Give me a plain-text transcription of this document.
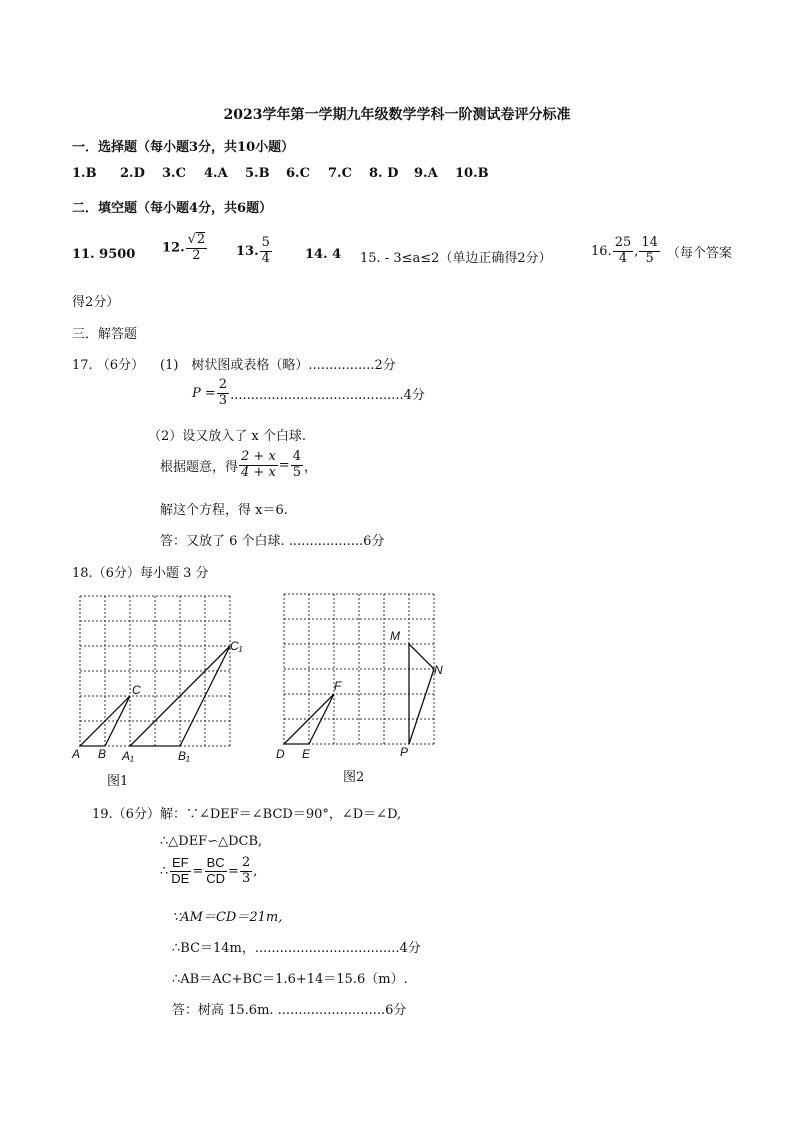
2023学年第一学期九年级数学学科一阶测试卷评分标准
一．选择题（每小题3分，共10小题）
1.B 2.D 3.C 4.A 5.B 6.C 7.C 8. D 9.A 10.B
二．填空题（每小题4分，共6题）
11. 9500 12. $\frac{√2}{2} 13$. $\frac{5}{4}$	14. 4 15. - 3≤a≤2（单边正确得2分）	16. $\frac{25}{4}$ , $\frac{14}{5}$ （每个答案
得2分）
三．解答题
17. （6分） (1)　树状图或表格（略）................2分
$P = \frac{2}{3} ..........................................4$分
（2）设又放入了 x 个白球.
根据题意，得 $\frac{2 + x}{4 + x} = \frac{4}{5}$ ，
解这个方程，得 x＝6.
答：又放了 6 个白球. ..................6分
18.（6分）每小题 3 分
A B
C
A₁	B₁
C₁
图1
D E
F
M
N
P
图2
19.（6分）解：∵∠DEF＝∠BCD＝90°，∠D＝∠D,
∴△DEF∽△DCB,
∴ $\frac{EF}{DE} = \frac{BC}{CD} = \frac{2}{3}$ ,
∵AM＝CD＝21m,
∴BC＝14m，...................................4分
∴AB＝AC+BC＝1.6+14＝15.6（m）.
答：树高 15.6m. ..........................6分
